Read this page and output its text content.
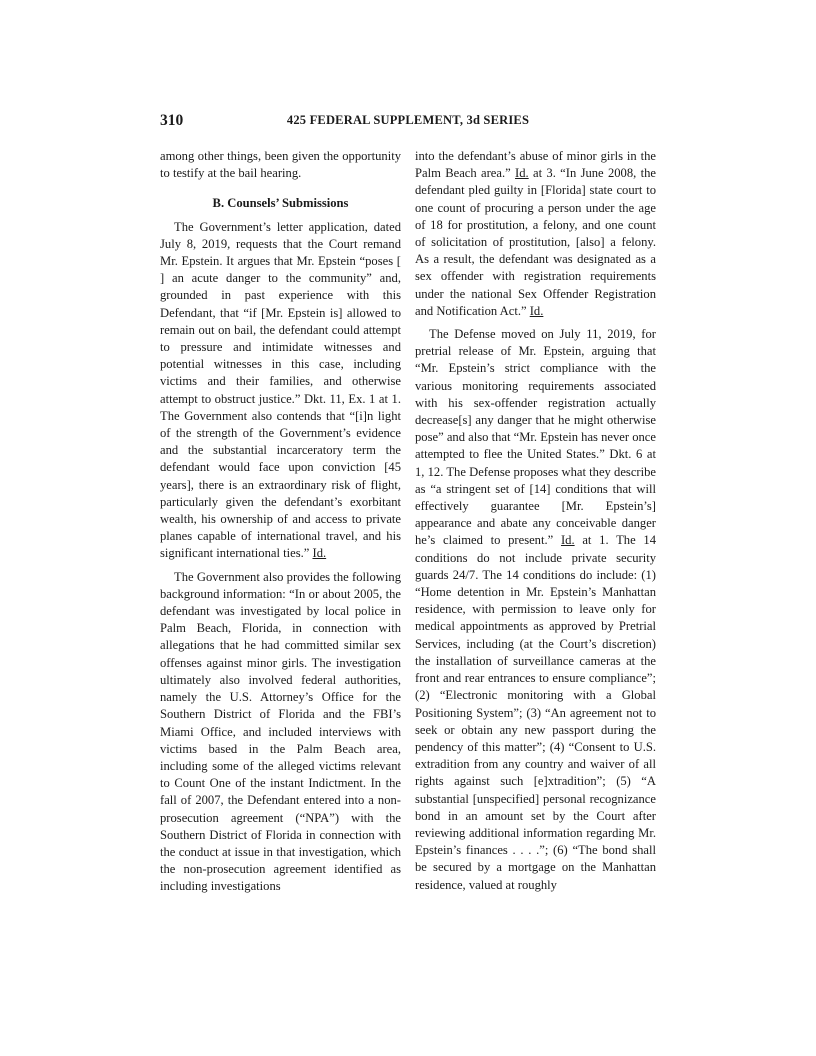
310	425 FEDERAL SUPPLEMENT, 3d SERIES

among other things, been given the opportunity to testify at the bail hearing.

B. Counsels’ Submissions

The Government’s letter application, dated July 8, 2019, requests that the Court remand Mr. Epstein. It argues that Mr. Epstein “poses [ ] an acute danger to the community” and, grounded in past experience with this Defendant, that “if [Mr. Epstein is] allowed to remain out on bail, the defendant could attempt to pressure and intimidate witnesses and potential witnesses in this case, including victims and their families, and otherwise attempt to obstruct justice.” Dkt. 11, Ex. 1 at 1. The Government also contends that “[i]n light of the strength of the Government’s evidence and the substantial incarceratory term the defendant would face upon conviction [45 years], there is an extraordinary risk of flight, particularly given the defendant’s exorbitant wealth, his ownership of and access to private planes capable of international travel, and his significant international ties.” Id.

The Government also provides the following background information: “In or about 2005, the defendant was investigated by local police in Palm Beach, Florida, in connection with allegations that he had committed similar sex offenses against minor girls. The investigation ultimately also involved federal authorities, namely the U.S. Attorney’s Office for the Southern District of Florida and the FBI’s Miami Office, and included interviews with victims based in the Palm Beach area, including some of the alleged victims relevant to Count One of the instant Indictment. In the fall of 2007, the Defendant entered into a non-prosecution agreement (“NPA”) with the Southern District of Florida in connection with the conduct at issue in that investigation, which the non-prosecution agreement identified as including investigations

into the defendant’s abuse of minor girls in the Palm Beach area.” Id. at 3. “In June 2008, the defendant pled guilty in [Florida] state court to one count of procuring a person under the age of 18 for prostitution, a felony, and one count of solicitation of prostitution, [also] a felony. As a result, the defendant was designated as a sex offender with registration requirements under the national Sex Offender Registration and Notification Act.” Id.

The Defense moved on July 11, 2019, for pretrial release of Mr. Epstein, arguing that “Mr. Epstein’s strict compliance with the various monitoring requirements associated with his sex-offender registration actually decrease[s] any danger that he might otherwise pose” and also that “Mr. Epstein has never once attempted to flee the United States.” Dkt. 6 at 1, 12. The Defense proposes what they describe as “a stringent set of [14] conditions that will effectively guarantee [Mr. Epstein’s] appearance and abate any conceivable danger he’s claimed to present.” Id. at 1. The 14 conditions do not include private security guards 24/7. The 14 conditions do include: (1) “Home detention in Mr. Epstein’s Manhattan residence, with permission to leave only for medical appointments as approved by Pretrial Services, including (at the Court’s discretion) the installation of surveillance cameras at the front and rear entrances to ensure compliance”; (2) “Electronic monitoring with a Global Positioning System”; (3) “An agreement not to seek or obtain any new passport during the pendency of this matter”; (4) “Consent to U.S. extradition from any country and waiver of all rights against such [e]xtradition”; (5) “A substantial [unspecified] personal recognizance bond in an amount set by the Court after reviewing additional information regarding Mr. Epstein’s finances . . . .”; (6) “The bond shall be secured by a mortgage on the Manhattan residence, valued at roughly
